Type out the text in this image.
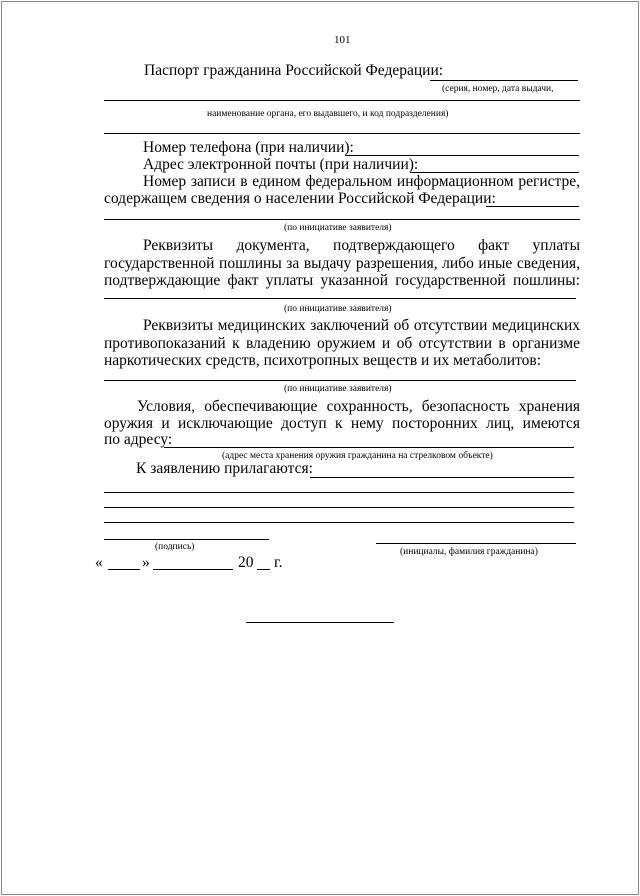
101
Паспорт гражданина Российской Федерации:
(серия, номер, дата выдачи,
наименование органа, его выдавшего, и код подразделения)
Номер телефона (при наличии):
Адрес электронной почты (при наличии):
Номер записи в едином федеральном информационном регистре,
содержащем сведения о населении Российской Федерации:
(по инициативе заявителя)
Реквизиты документа, подтверждающего факт уплаты
государственной пошлины за выдачу разрешения, либо иные сведения,
подтверждающие факт уплаты указанной государственной пошлины:
(по инициативе заявителя)
Реквизиты медицинских заключений об отсутствии медицинских
противопоказаний к владению оружием и об отсутствии в организме
наркотических средств, психотропных веществ и их метаболитов:
(по инициативе заявителя)
Условия, обеспечивающие сохранность, безопасность хранения
оружия и исключающие доступ к нему посторонних лиц, имеются
по адресу:
(адрес места хранения оружия гражданина на стрелковом объекте)
К заявлению прилагаются:
(подпись)	(инициалы, фамилия гражданина)
«	»	20 г.
